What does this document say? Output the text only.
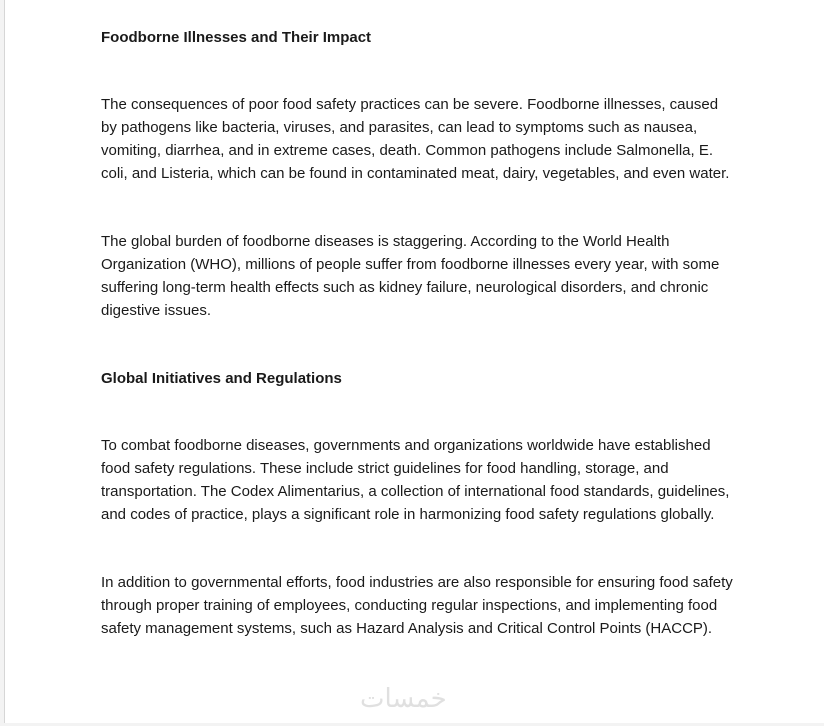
Foodborne Illnesses and Their Impact

The consequences of poor food safety practices can be severe. Foodborne illnesses, caused by pathogens like bacteria, viruses, and parasites, can lead to symptoms such as nausea, vomiting, diarrhea, and in extreme cases, death. Common pathogens include Salmonella, E. coli, and Listeria, which can be found in contaminated meat, dairy, vegetables, and even water.

The global burden of foodborne diseases is staggering. According to the World Health Organization (WHO), millions of people suffer from foodborne illnesses every year, with some suffering long-term health effects such as kidney failure, neurological disorders, and chronic digestive issues.

Global Initiatives and Regulations

To combat foodborne diseases, governments and organizations worldwide have established food safety regulations. These include strict guidelines for food handling, storage, and transportation. The Codex Alimentarius, a collection of international food standards, guidelines, and codes of practice, plays a significant role in harmonizing food safety regulations globally.

In addition to governmental efforts, food industries are also responsible for ensuring food safety through proper training of employees, conducting regular inspections, and implementing food safety management systems, such as Hazard Analysis and Critical Control Points (HACCP).

خمسات
